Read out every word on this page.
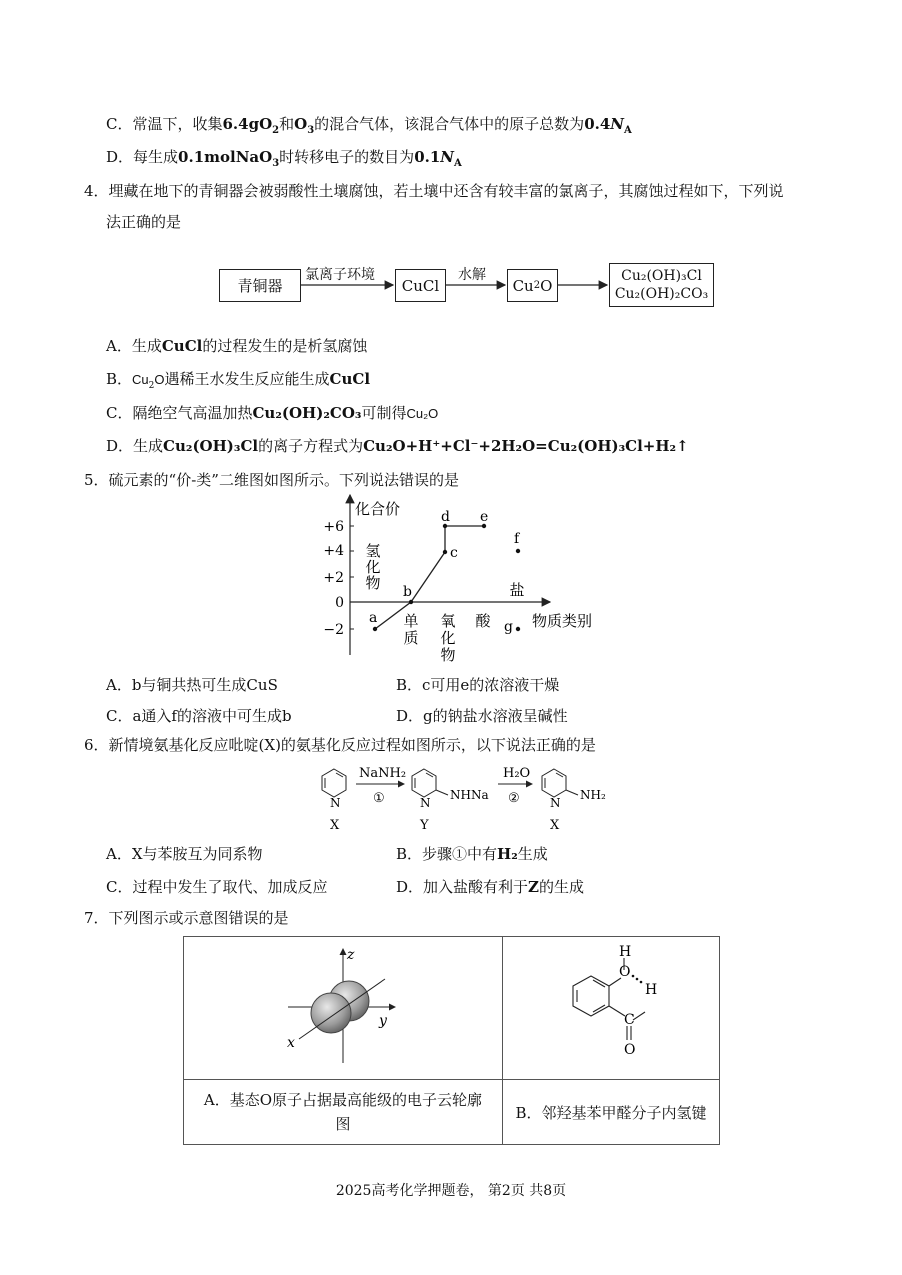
C．常温下，收集$6.4gO_2$和$O_3$的混合气体，该混合气体中的原子总数为$0.4N_A$
D．每生成0.1molNaO$_3$时转移电子的数目为$0.1N_A$
4．埋藏在地下的青铜器会被弱酸性土壤腐蚀，若土壤中还含有较丰富的氯离子，其腐蚀过程如下，下列说
法正确的是
青铜器	CuCl	Cu 2 O
Cu₂(OH)₃Cl
Cu₂(OH)₂CO₃
氯离子环境	水解
A．生成CuCl的过程发生的是析氢腐蚀
B．$Cu_2O$遇稀王水发生反应能生成CuCl
C．隔绝空气高温加热Cu₂(OH)₂CO₃可制得Cu₂O
D．生成Cu₂(OH)₃Cl的离子方程式为Cu₂O+H⁺+Cl⁻+2H₂O=Cu₂(OH)₃Cl+H₂↑
5．硫元素的“价-类”二维图如图所示。下列说法错误的是
化合价
物质类别
+6
+4
+2
0
−2
氢化物
单质
氧化物
酸
盐
a
b
c
d e
f
g
A．b与铜共热可生成CuS	B．c可用e的浓溶液干燥
C．a通入f的溶液中可生成b	D．g的钠盐水溶液呈碱性
6．新情境氨基化反应吡啶(X)的氨基化反应过程如图所示，以下说法正确的是
N
X
NaNH₂
①	N
NHNa
Y
H₂O
②	N
NH₂
X
A．X与苯胺互为同系物	B．步骤①中有H₂生成
C．过程中发生了取代、加成反应	D．加入盐酸有利于Z的生成
7．下列图示或示意图错误的是
z
y
x	H
O
H
C
O

A．基态O原子占据最高能级的电子云轮廓
图	B．邻羟基苯甲醛分子内氢键
2025高考化学押题卷， 第2页 共8页
